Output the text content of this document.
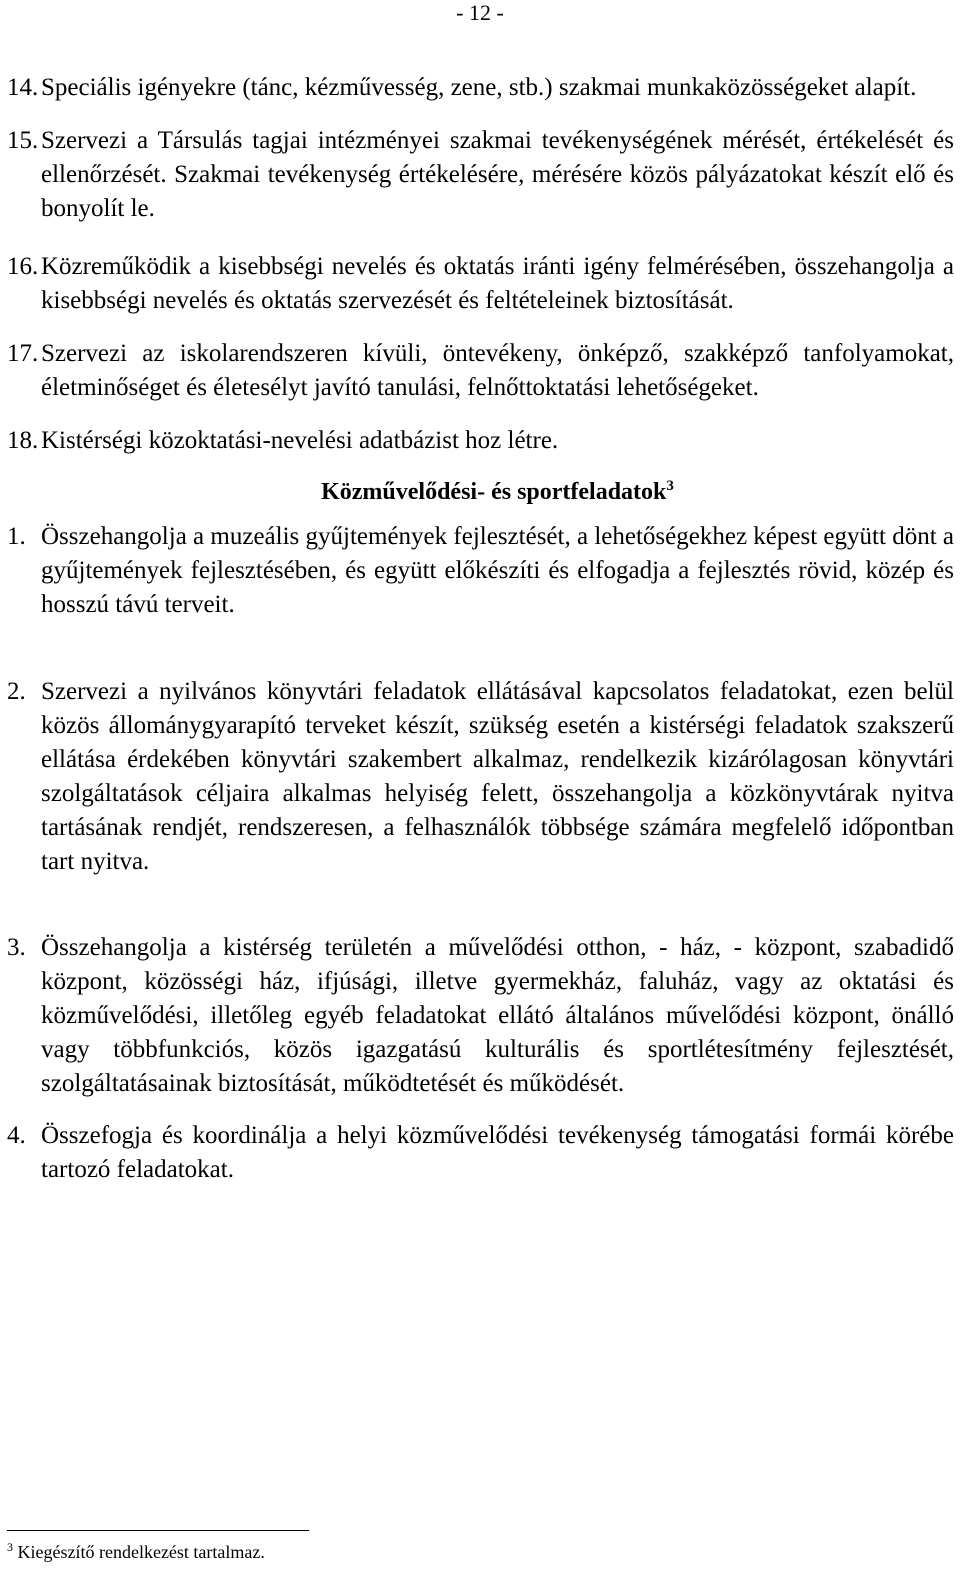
- 12 -
14. Speciális igényekre (tánc, kézművesség, zene, stb.) szakmai munkaközösségeket alapít.
15. Szervezi a Társulás tagjai intézményei szakmai tevékenységének mérését, értékelését és ellenőrzését. Szakmai tevékenység értékelésére, mérésére közös pályázatokat készít elő és bonyolít le.
16. Közreműködik a kisebbségi nevelés és oktatás iránti igény felmérésében, összehangolja a kisebbségi nevelés és oktatás szervezését és feltételeinek biztosítását.
17. Szervezi az iskolarendszeren kívüli, öntevékeny, önképző, szakképző tanfolyamokat, életminőséget és életesélyt javító tanulási, felnőttoktatási lehetőségeket.
18. Kistérségi közoktatási-nevelési adatbázist hoz létre.
Közművelődési- és sportfeladatok$^3$
1. Összehangolja a muzeális gyűjtemények fejlesztését, a lehetőségekhez képest együtt dönt a gyűjtemények fejlesztésében, és együtt előkészíti és elfogadja a fejlesztés rövid, közép és hosszú távú terveit.
2. Szervezi a nyilvános könyvtári feladatok ellátásával kapcsolatos feladatokat, ezen belül közös állománygyarapító terveket készít, szükség esetén a kistérségi feladatok szakszerű ellátása érdekében könyvtári szakembert alkalmaz, rendelkezik kizárólagosan könyvtári szolgáltatások céljaira alkalmas helyiség felett, összehangolja a közkönyvtárak nyitva tartásának rendjét, rendszeresen, a felhasználók többsége számára megfelelő időpontban tart nyitva.
3. Összehangolja a kistérség területén a művelődési otthon, - ház, - központ, szabadidő központ, közösségi ház, ifjúsági, illetve gyermekház, faluház, vagy az oktatási és közművelődési, illetőleg egyéb feladatokat ellátó általános művelődési központ, önálló vagy többfunkciós, közös igazgatású kulturális és sportlétesítmény fejlesztését, szolgáltatásainak biztosítását, működtetését és működését.
4. Összefogja és koordinálja a helyi közművelődési tevékenység támogatási formái körébe tartozó feladatokat.
$^3$ Kiegészítő rendelkezést tartalmaz.
